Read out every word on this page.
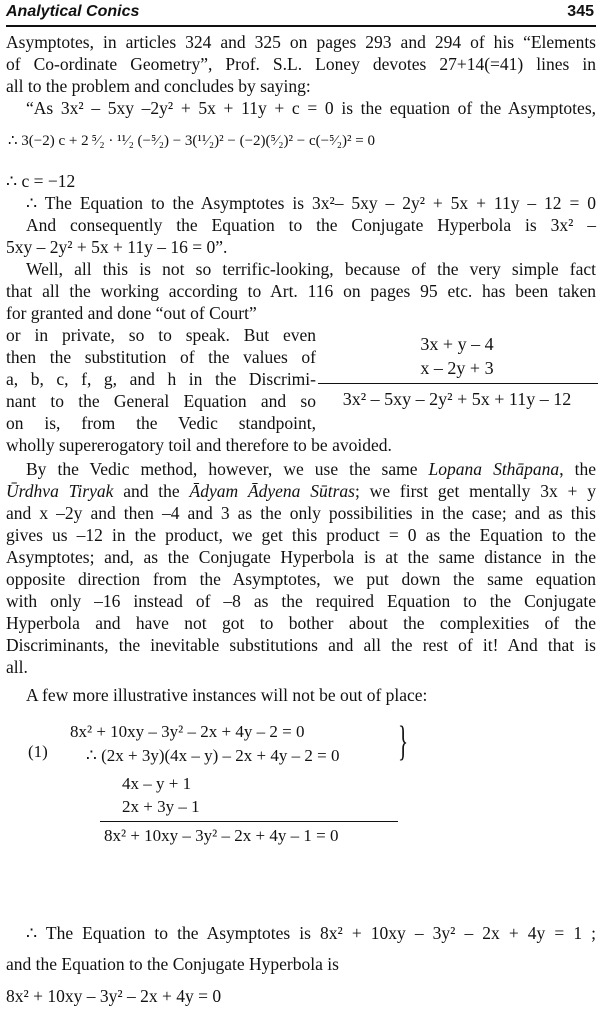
Analytical Conics	345
Asymptotes, in articles 324 and 325 on pages 293 and 294 of his “Elements
of Co-ordinate Geometry”, Prof. S.L. Loney devotes 27+14(=41) lines in
all to the problem and concludes by saying:
“As 3x² – 5xy –2y² + 5x + 11y + c = 0 is the equation of the Asymptotes,
∴ 3(−2) c + 2 ⁵⁄₂ · ¹¹⁄₂ (−⁵⁄₂) − 3(¹¹⁄₂)² − (−2)(⁵⁄₂)² − c(−⁵⁄₂)² = 0
∴ c = −12
∴ The Equation to the Asymptotes is 3x²– 5xy – 2y² + 5x + 11y – 12 = 0
And consequently the Equation to the Conjugate Hyperbola is 3x² –
5xy – 2y² + 5x + 11y – 16 = 0”.
Well, all this is not so terrific-looking, because of the very simple fact
that all the working according to Art. 116 on pages 95 etc. has been taken
for granted and done “out of Court”
or in private, so to speak. But even
then the substitution of the values of
a, b, c, f, g, and h in the Discrimi-
nant to the General Equation and so
on is, from the Vedic standpoint,
wholly supererogatory toil and therefore to be avoided.
3x + y – 4
x – 2y + 3
3x² – 5xy – 2y² + 5x + 11y – 12
By the Vedic method, however, we use the same Lopana Sthāpana, the
Ūrdhva Tiryak and the Ādyam Ādyena Sūtras; we first get mentally 3x + y
and x –2y and then –4 and 3 as the only possibilities in the case; and as this
gives us –12 in the product, we get this product = 0 as the Equation to the
Asymptotes; and, as the Conjugate Hyperbola is at the same distance in the
opposite direction from the Asymptotes, we put down the same equation
with only –16 instead of –8 as the required Equation to the Conjugate
Hyperbola and have not got to bother about the complexities of the
Discriminants, the inevitable substitutions and all the rest of it! And that is
all.
A few more illustrative instances will not be out of place:
(1)
8x² + 10xy – 3y² – 2x + 4y – 2 = 0
∴ (2x + 3y)(4x – y) – 2x + 4y – 2 = 0 }
4x – y + 1
2x + 3y – 1
8x² + 10xy – 3y² – 2x + 4y – 1 = 0
∴ The Equation to the Asymptotes is 8x² + 10xy – 3y² – 2x + 4y = 1 ;
and the Equation to the Conjugate Hyperbola is
8x² + 10xy – 3y² – 2x + 4y = 0
